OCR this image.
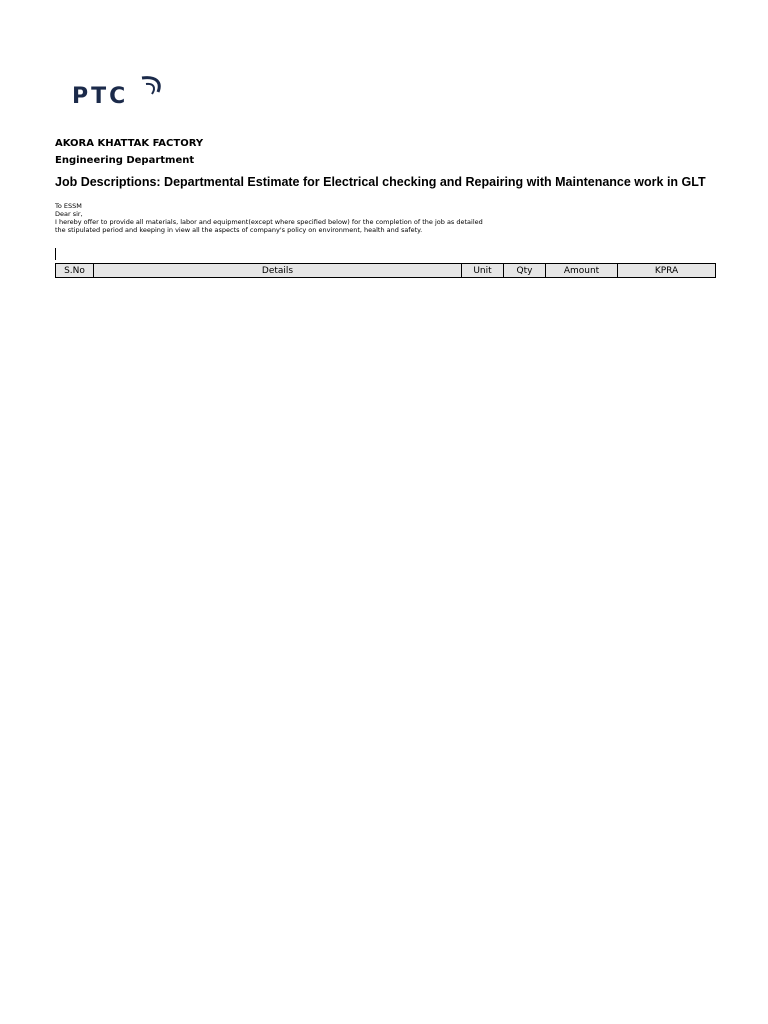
PTC
AKORA KHATTAK FACTORY
Engineering Department
Job Descriptions: Departmental Estimate for Electrical checking and Repairing with Maintenance work in GLT
To ESSM
Dear sir,
I hereby offer to provide all materials, labor and equipment(except where specified below) for the completion of the job as detailed
the stipulated period and keeping in view all the aspects of company's policy on environment, health and safety.
S.No	Details	Unit	Qty	Amount	KPRA
